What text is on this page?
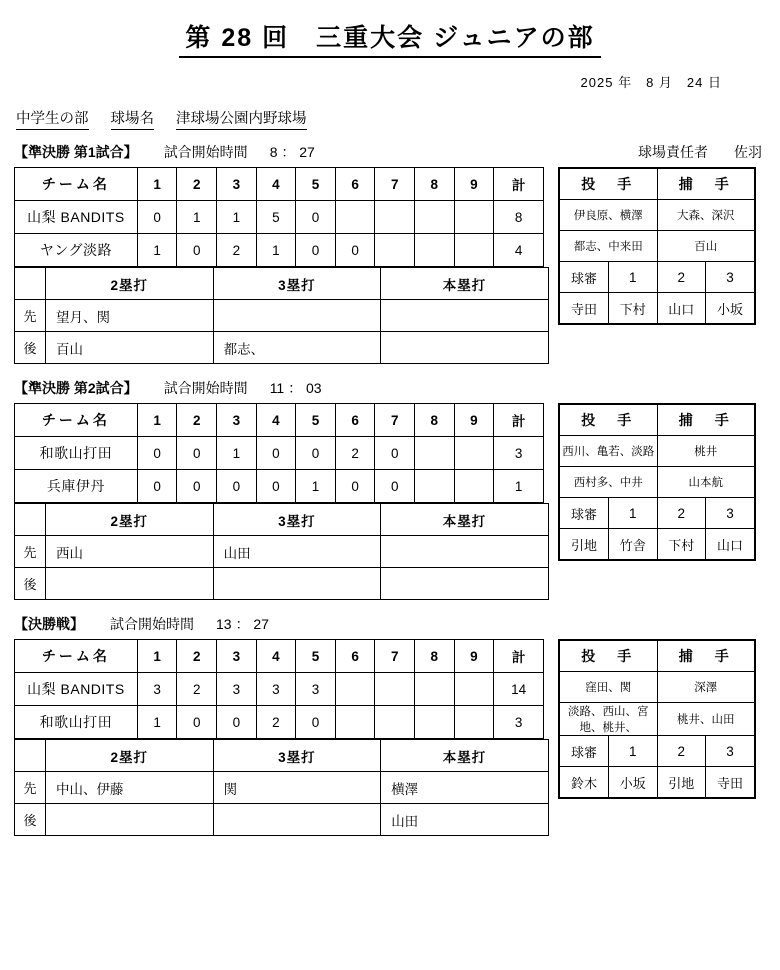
第 28 回　三重大会 ジュニアの部
2025 年　8 月　24 日
中学生の部 球場名 津球場公園内野球場
球場責任者 佐羽
【準決勝 第1試合】 試合開始時間 8 ： 27
チーム名	1	2	3	4	5	6	7	8	9	計
山梨 BANDITS	0	1	1	5	0					8
ヤング淡路	1	0	2	1	0	0				4
	2塁打	3塁打	本塁打
先	望月、関		
後	百山	都志、	
投　手		捕　手	
伊良原、横澤		大森、深沢	
都志、中来田		百山	
球審	1	2	3
寺田	下村	山口	小坂
【準決勝 第2試合】 試合開始時間 11 ： 03
チーム名	1	2	3	4	5	6	7	8	9	計
和歌山打田	0	0	1	0	0	2	0			3
兵庫伊丹	0	0	0	0	1	0	0			1
	2塁打	3塁打	本塁打
先	西山	山田	
後			
投　手		捕　手	
西川、亀若、淡路		桃井	
西村多、中井		山本航	
球審	1	2	3
引地	竹舎	下村	山口
【決勝戦】 試合開始時間 13 ： 27
チーム名	1	2	3	4	5	6	7	8	9	計
山梨 BANDITS	3	2	3	3	3					14
和歌山打田	1	0	0	2	0					3
	2塁打	3塁打	本塁打
先	中山、伊藤	関	横澤
後			山田
投　手		捕　手	
窪田、関		深澤	
淡路、西山、宮地、桃井、		桃井、山田	
球審	1	2	3
鈴木	小坂	引地	寺田
